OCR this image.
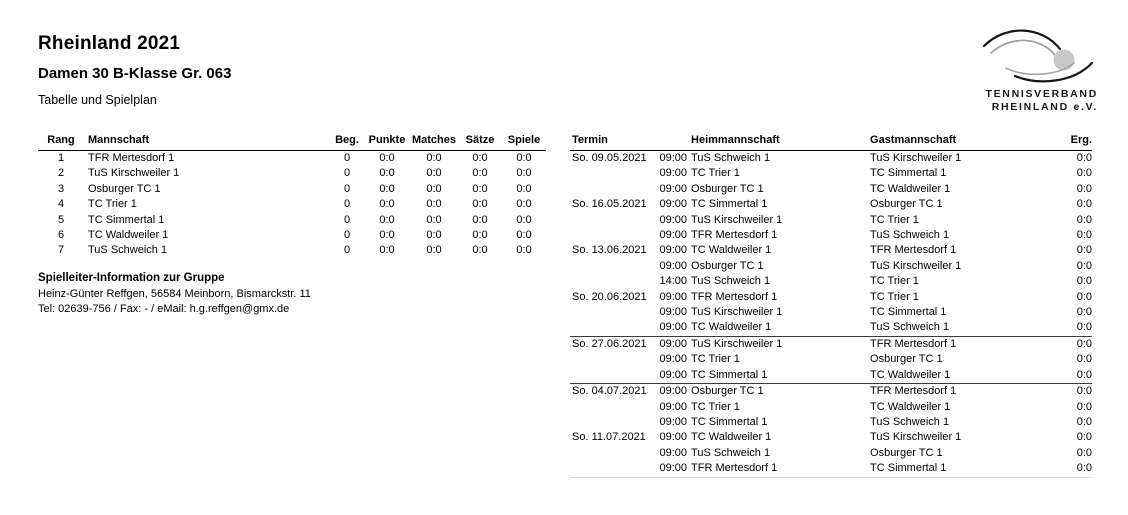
Rheinland 2021
Damen 30 B-Klasse Gr. 063
Tabelle und Spielplan	TENNISVERBAND
RHEINLAND e.V.
Rang	Mannschaft	Beg.	Punkte	Matches	Sätze	Spiele
1	TFR Mertesdorf 1	0	0:0	0:0	0:0	0:0
2	TuS Kirschweiler 1	0	0:0	0:0	0:0	0:0
3	Osburger TC 1	0	0:0	0:0	0:0	0:0
4	TC Trier 1	0	0:0	0:0	0:0	0:0
5	TC Simmertal 1	0	0:0	0:0	0:0	0:0
6	TC Waldweiler 1	0	0:0	0:0	0:0	0:0
7	TuS Schweich 1	0	0:0	0:0	0:0	0:0
Spielleiter-Information zur Gruppe
Heinz-Günter Reffgen, 56584 Meinborn, Bismarckstr. 11
Tel: 02639-756 / Fax: - / eMail: h.g.reffgen@gmx.de
Termin		Heimmannschaft	Gastmannschaft	Erg.
So. 09.05.2021	09:00	TuS Schweich 1	TuS Kirschweiler 1	0:0
	09:00	TC Trier 1	TC Simmertal 1	0:0
	09:00	Osburger TC 1	TC Waldweiler 1	0:0
So. 16.05.2021	09:00	TC Simmertal 1	Osburger TC 1	0:0
	09:00	TuS Kirschweiler 1	TC Trier 1	0:0
	09:00	TFR Mertesdorf 1	TuS Schweich 1	0:0
So. 13.06.2021	09:00	TC Waldweiler 1	TFR Mertesdorf 1	0:0
	09:00	Osburger TC 1	TuS Kirschweiler 1	0:0
	14:00	TuS Schweich 1	TC Trier 1	0:0
So. 20.06.2021	09:00	TFR Mertesdorf 1	TC Trier 1	0:0
	09:00	TuS Kirschweiler 1	TC Simmertal 1	0:0
	09:00	TC Waldweiler 1	TuS Schweich 1	0:0
So. 27.06.2021	09:00	TuS Kirschweiler 1	TFR Mertesdorf 1	0:0
	09:00	TC Trier 1	Osburger TC 1	0:0
	09:00	TC Simmertal 1	TC Waldweiler 1	0:0
So. 04.07.2021	09:00	Osburger TC 1	TFR Mertesdorf 1	0:0
	09:00	TC Trier 1	TC Waldweiler 1	0:0
	09:00	TC Simmertal 1	TuS Schweich 1	0:0
So. 11.07.2021	09:00	TC Waldweiler 1	TuS Kirschweiler 1	0:0
	09:00	TuS Schweich 1	Osburger TC 1	0:0
	09:00	TFR Mertesdorf 1	TC Simmertal 1	0:0
